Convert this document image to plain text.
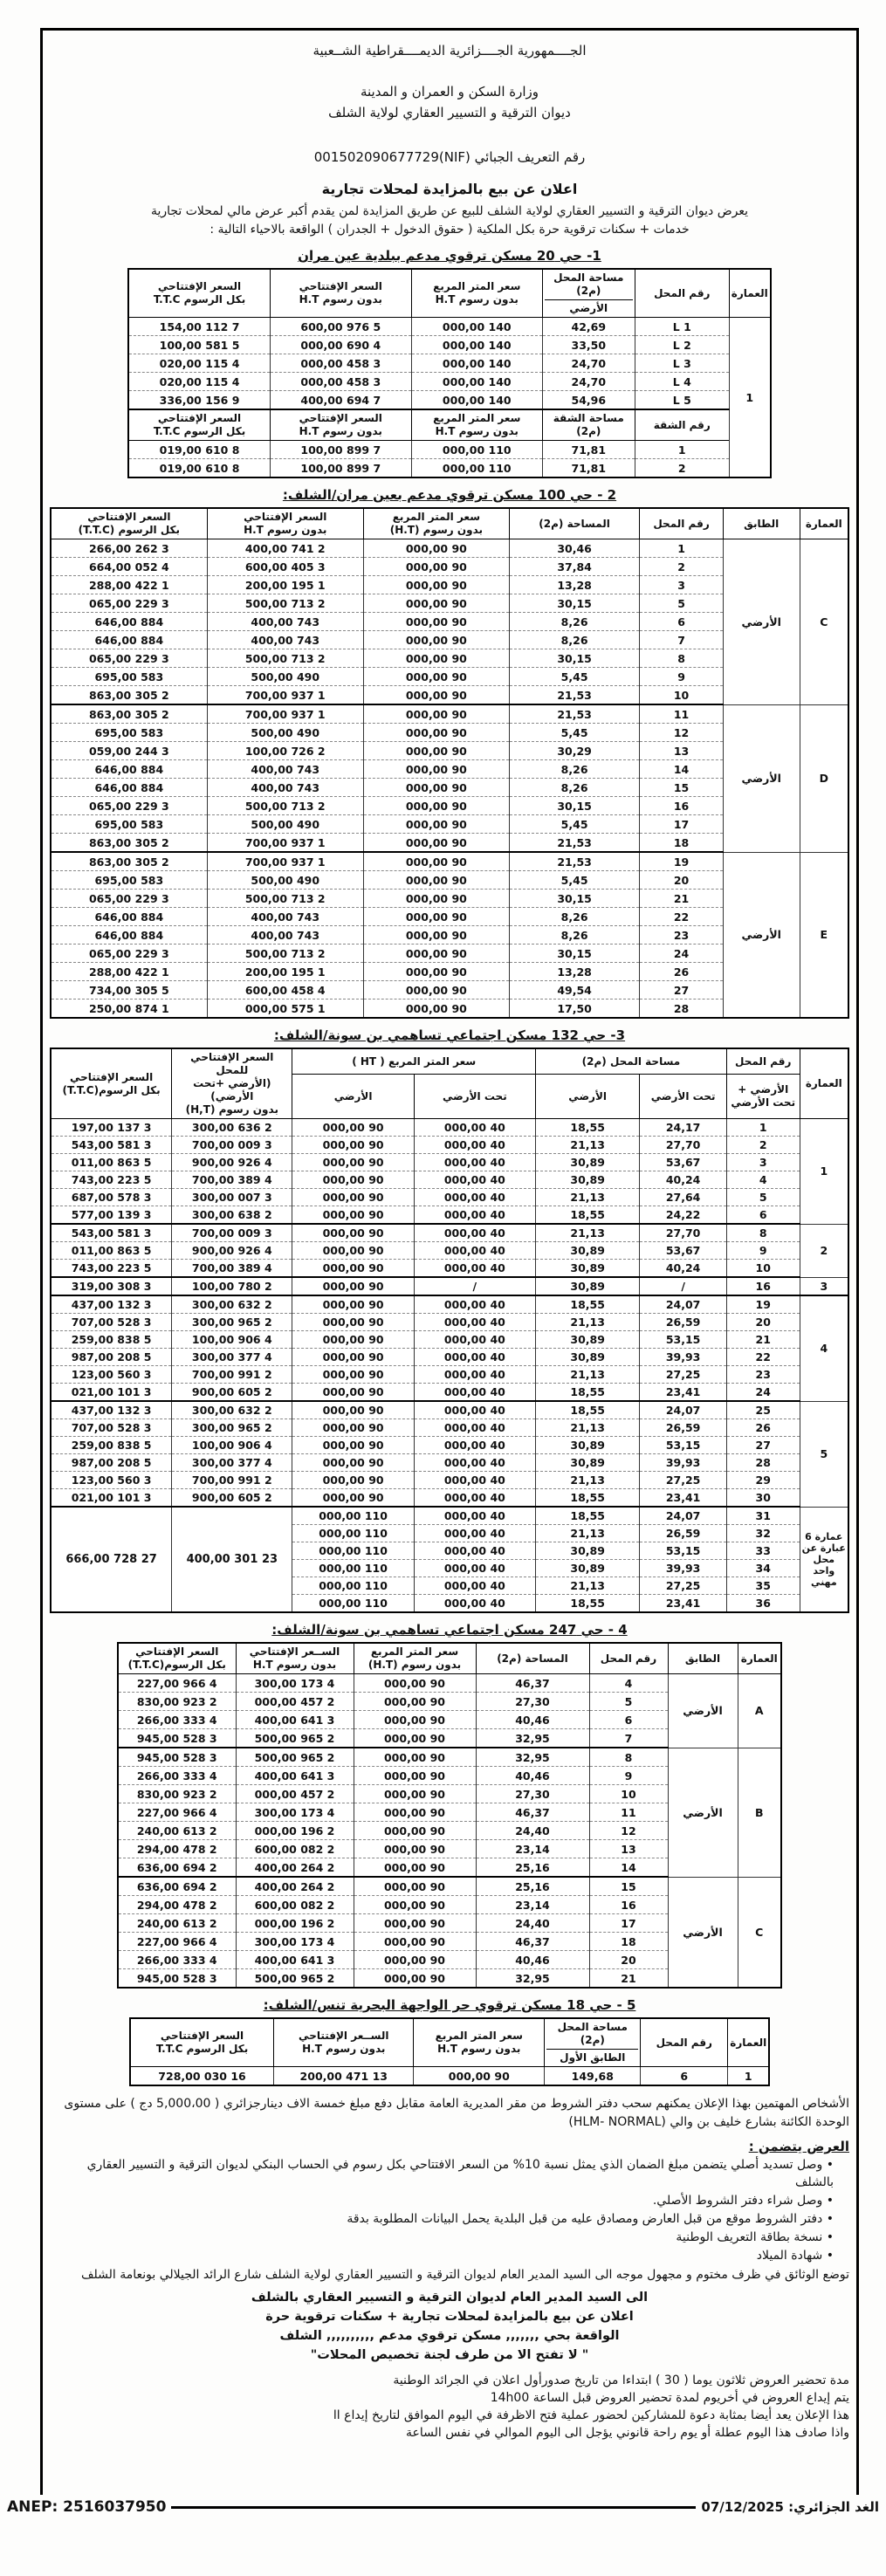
الجــــمهورية الجــــزائرية الديمــــقراطية الشــعبية
وزارة السكن و العمران و المدينة
ديوان الترقية و التسيير العقاري لولاية الشلف
رقم التعريف الجبائي (NIF)001502090677729
اعلان عن بيع بالمزايدة لمحلات تجارية
يعرض ديوان الترقية و التسيير العقاري لولاية الشلف للبيع عن طريق المزايدة لمن يقدم أكبر عرض مالي لمحلات تجارية
خدمات + سكنات ترقوية حرة بكل الملكية ( حقوق الدخول + الجدران ) الواقعة بالاحياء التالية :
1- حي 20 مسكن ترقوي مدعم ببلدية عين مران
العمارة	رقم المحل	
مساحة المحل
(م2)
الأرضي

سعر المتر المربع
بدون رسوم H.T

السعر الإفتتاحي
بدون رسوم H.T

السعر الإفتتاحي
بكل الرسوم T.T.C

1	L 1	42,69	140 000,00	5 976 600,00	7 112 154,00
	L 2	33,50	140 000,00	4 690 000,00	5 581 100,00
	L 3	24,70	140 000,00	3 458 000,00	4 115 020,00
	L 4	24,70	140 000,00	3 458 000,00	4 115 020,00
	L 5	54,96	140 000,00	7 694 400,00	9 156 336,00

رقم الشقة

مساحة الشقة
(م2)

سعر المتر المربع
بدون رسوم H.T

السعر الإفتتاحي
بدون رسوم H.T

السعر الإفتتاحي
بكل الرسوم T.T.C

	1	71,81	110 000,00	7 899 100,00	8 610 019,00
	2	71,81	110 000,00	7 899 100,00	8 610 019,00
2 - حي 100 مسكن ترقوي مدعم بعين مران/الشلف:
العمارة	الطابق	رقم المحل	المساحة (م2)	
سعر المتر المربع
بدون رسوم (H.T)

السعر الإفتتاحي
بدون رسوم H.T

السعر الإفتتاحي
بكل الرسوم (T.T.C)

C	الأرضي	1	30,46	90 000,00	2 741 400,00	3 262 266,00
		2	37,84	90 000,00	3 405 600,00	4 052 664,00
		3	13,28	90 000,00	1 195 200,00	1 422 288,00
		5	30,15	90 000,00	2 713 500,00	3 229 065,00
		6	8,26	90 000,00	743 400,00	884 646,00
		7	8,26	90 000,00	743 400,00	884 646,00
		8	30,15	90 000,00	2 713 500,00	3 229 065,00
		9	5,45	90 000,00	490 500,00	583 695,00
		10	21,53	90 000,00	1 937 700,00	2 305 863,00
D	الأرضي	11	21,53	90 000,00	1 937 700,00	2 305 863,00
		12	5,45	90 000,00	490 500,00	583 695,00
		13	30,29	90 000,00	2 726 100,00	3 244 059,00
		14	8,26	90 000,00	743 400,00	884 646,00
		15	8,26	90 000,00	743 400,00	884 646,00
		16	30,15	90 000,00	2 713 500,00	3 229 065,00
		17	5,45	90 000,00	490 500,00	583 695,00
		18	21,53	90 000,00	1 937 700,00	2 305 863,00
E	الأرضي	19	21,53	90 000,00	1 937 700,00	2 305 863,00
		20	5,45	90 000,00	490 500,00	583 695,00
		21	30,15	90 000,00	2 713 500,00	3 229 065,00
		22	8,26	90 000,00	743 400,00	884 646,00
		23	8,26	90 000,00	743 400,00	884 646,00
		24	30,15	90 000,00	2 713 500,00	3 229 065,00
		26	13,28	90 000,00	1 195 200,00	1 422 288,00
		27	49,54	90 000,00	4 458 600,00	5 305 734,00
		28	17,50	90 000,00	1 575 000,00	1 874 250,00
3- حي 132 مسكن اجتماعي تساهمي بن سونة/الشلف:
العمارة	رقم المحل	مساحة المحل (م2)	سعر المتر المربع ( HT )	
السعر الإفتتاحي للمحل
(الأرضي +تحت الأرضي)
بدون رسوم (H,T)

السعر الإفتتاحي
بكل الرسوم(T.T.C)

	الأرضي + تحت الأرضي	تحت الأرضي	الأرضي	تحت الأرضي	الأرضي		
1	1	24,17	18,55	40 000,00	90 000,00	2 636 300,00	3 137 197,00
	2	27,70	21,13	40 000,00	90 000,00	3 009 700,00	3 581 543,00
	3	53,67	30,89	40 000,00	90 000,00	4 926 900,00	5 863 011,00
	4	40,24	30,89	40 000,00	90 000,00	4 389 700,00	5 223 743,00
	5	27,64	21,13	40 000,00	90 000,00	3 007 300,00	3 578 687,00
	6	24,22	18,55	40 000,00	90 000,00	2 638 300,00	3 139 577,00
2	8	27,70	21,13	40 000,00	90 000,00	3 009 700,00	3 581 543,00
	9	53,67	30,89	40 000,00	90 000,00	4 926 900,00	5 863 011,00
	10	40,24	30,89	40 000,00	90 000,00	4 389 700,00	5 223 743,00
3	16	/	30,89	/	90 000,00	2 780 100,00	3 308 319,00
4	19	24,07	18,55	40 000,00	90 000,00	2 632 300,00	3 132 437,00
	20	26,59	21,13	40 000,00	90 000,00	2 965 300,00	3 528 707,00
	21	53,15	30,89	40 000,00	90 000,00	4 906 100,00	5 838 259,00
	22	39,93	30,89	40 000,00	90 000,00	4 377 300,00	5 208 987,00
	23	27,25	21,13	40 000,00	90 000,00	2 991 700,00	3 560 123,00
	24	23,41	18,55	40 000,00	90 000,00	2 605 900,00	3 101 021,00
5	25	24,07	18,55	40 000,00	90 000,00	2 632 300,00	3 132 437,00
	26	26,59	21,13	40 000,00	90 000,00	2 965 300,00	3 528 707,00
	27	53,15	30,89	40 000,00	90 000,00	4 906 100,00	5 838 259,00
	28	39,93	30,89	40 000,00	90 000,00	4 377 300,00	5 208 987,00
	29	27,25	21,13	40 000,00	90 000,00	2 991 700,00	3 560 123,00
	30	23,41	18,55	40 000,00	90 000,00	2 605 900,00	3 101 021,00
عمارة 6 عبارة عن محل واحد مهني	31	24,07	18,55	40 000,00	110 000,00	23 301 400,00	27 728 666,00
	32	26,59	21,13	40 000,00	110 000,00		
	33	53,15	30,89	40 000,00	110 000,00		
	34	39,93	30,89	40 000,00	110 000,00		
	35	27,25	21,13	40 000,00	110 000,00		
	36	23,41	18,55	40 000,00	110 000,00		
4 - حي 247 مسكن اجتماعي تساهمي بن سونة/الشلف:
العمارة	الطابق	رقم المحل	المساحة (م2)	
سعر المتر المربع
بدون رسوم (H.T)

الســعر الإفتتاحي
بدون رسوم H.T

السعر الإفتتاحي
بكل الرسوم(T.T.C)

A	الأرضي	4	46,37	90 000,00	4 173 300,00	4 966 227,00
		5	27,30	90 000,00	2 457 000,00	2 923 830,00
		6	40,46	90 000,00	3 641 400,00	4 333 266,00
		7	32,95	90 000,00	2 965 500,00	3 528 945,00
B	الأرضي	8	32,95	90 000,00	2 965 500,00	3 528 945,00
		9	40,46	90 000,00	3 641 400,00	4 333 266,00
		10	27,30	90 000,00	2 457 000,00	2 923 830,00
		11	46,37	90 000,00	4 173 300,00	4 966 227,00
		12	24,40	90 000,00	2 196 000,00	2 613 240,00
		13	23,14	90 000,00	2 082 600,00	2 478 294,00
		14	25,16	90 000,00	2 264 400,00	2 694 636,00
C	الأرضي	15	25,16	90 000,00	2 264 400,00	2 694 636,00
		16	23,14	90 000,00	2 082 600,00	2 478 294,00
		17	24,40	90 000,00	2 196 000,00	2 613 240,00
		18	46,37	90 000,00	4 173 300,00	4 966 227,00
		20	40,46	90 000,00	3 641 400,00	4 333 266,00
		21	32,95	90 000,00	2 965 500,00	3 528 945,00
5 - حي 18 مسكن ترقوي حر الواجهة البحرية تنس/الشلف:
العمارة	رقم المحل	
مساحة المحل
(م2)
الطابق الأول

سعر المتر المربع
بدون رسوم H.T

الســعر الإفتتاحي
بدون رسوم H.T

السعر الإفتتاحي
بكل الرسوم T.T.C

1	6	149,68	90 000,00	13 471 200,00	16 030 728,00
الأشخاص المهتمين بهذا الإعلان يمكنهم سحب دفتر الشروط من مقر المديرية العامة مقابل دفع مبلغ خمسة الاف دينارجزائري ( 5,000،00 دج ) على مستوى الوحدة الكائنة بشارع خليف بن والي (HLM- NORMAL)
العرض يتضمن :
• وصل تسديد أصلي يتضمن مبلغ الضمان الذي يمثل نسبة 10% من السعر الافتتاحي بكل رسوم في الحساب البنكي لديوان الترقية و التسيير العقاري بالشلف
• وصل شراء دفتر الشروط الأصلي.
• دفتر الشروط موقع من قبل العارض ومصادق عليه من قبل البلدية يحمل البيانات المطلوبة بدقة
• نسخة بطاقة التعريف الوطنية
• شهادة الميلاد
توضع الوثائق في ظرف مختوم و مجهول موجه الى السيد المدير العام لديوان الترقية و التسيير العقاري لولاية الشلف شارع الرائد الجيلالي بونعامة الشلف
الى السيد المدير العام لديوان الترقية و التسيير العقاري بالشلف
اعلان عن بيع بالمزايدة لمحلات تجارية + سكنات ترقوية حرة
الواقعة بحي ,,,,,,, مسكن ترقوي مدعم ,,,,,,,,,, الشلف
" لا تفتح الا من طرف لجنة تخصيص المحلات"
مدة تحضير العروض ثلاثون يوما ( 30 ) ابتداءا من تاريخ صدورأول اعلان في الجرائد الوطنية
يتم إيداع العروض في أخريوم لمدة تحضير العروض قبل الساعة 14h00
هذا الإعلان يعد أيضا بمثابة دعوة للمشاركين لحضور عملية فتح الاظرفة في اليوم الموافق لتاريخ إيداع اا
واذا صادف هذا اليوم عطلة أو يوم راحة قانوني يؤجل الى اليوم الموالي في نفس الساعة
ANEP: 2516037950	الغد الجزائري: 07/12/2025
